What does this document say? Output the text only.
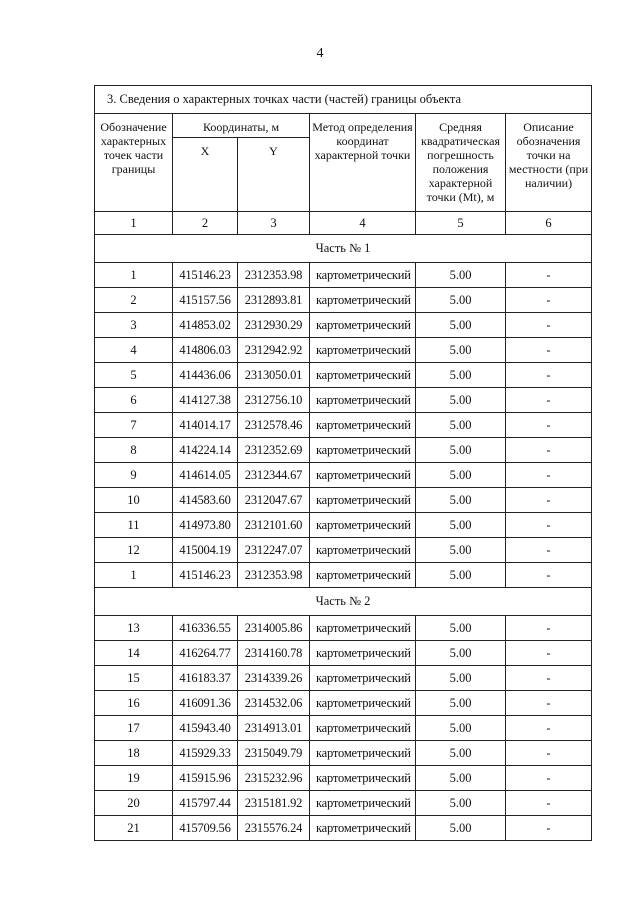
4
3. Сведения о характерных точках части (частей) границы объекта					
Обозначение характерных точек части границы	Координаты, м		Метод определения координат характерной точки	Средняя квадратическая погрешность положения характерной точки (Mt), м	Описание обозначения точки на местности (при наличии)
	X	Y			
1	2	3	4	5	6
Часть № 1					
1	415146.23	2312353.98	картометрический	5.00	-
2	415157.56	2312893.81	картометрический	5.00	-
3	414853.02	2312930.29	картометрический	5.00	-
4	414806.03	2312942.92	картометрический	5.00	-
5	414436.06	2313050.01	картометрический	5.00	-
6	414127.38	2312756.10	картометрический	5.00	-
7	414014.17	2312578.46	картометрический	5.00	-
8	414224.14	2312352.69	картометрический	5.00	-
9	414614.05	2312344.67	картометрический	5.00	-
10	414583.60	2312047.67	картометрический	5.00	-
11	414973.80	2312101.60	картометрический	5.00	-
12	415004.19	2312247.07	картометрический	5.00	-
1	415146.23	2312353.98	картометрический	5.00	-
Часть № 2					
13	416336.55	2314005.86	картометрический	5.00	-
14	416264.77	2314160.78	картометрический	5.00	-
15	416183.37	2314339.26	картометрический	5.00	-
16	416091.36	2314532.06	картометрический	5.00	-
17	415943.40	2314913.01	картометрический	5.00	-
18	415929.33	2315049.79	картометрический	5.00	-
19	415915.96	2315232.96	картометрический	5.00	-
20	415797.44	2315181.92	картометрический	5.00	-
21	415709.56	2315576.24	картометрический	5.00	-
